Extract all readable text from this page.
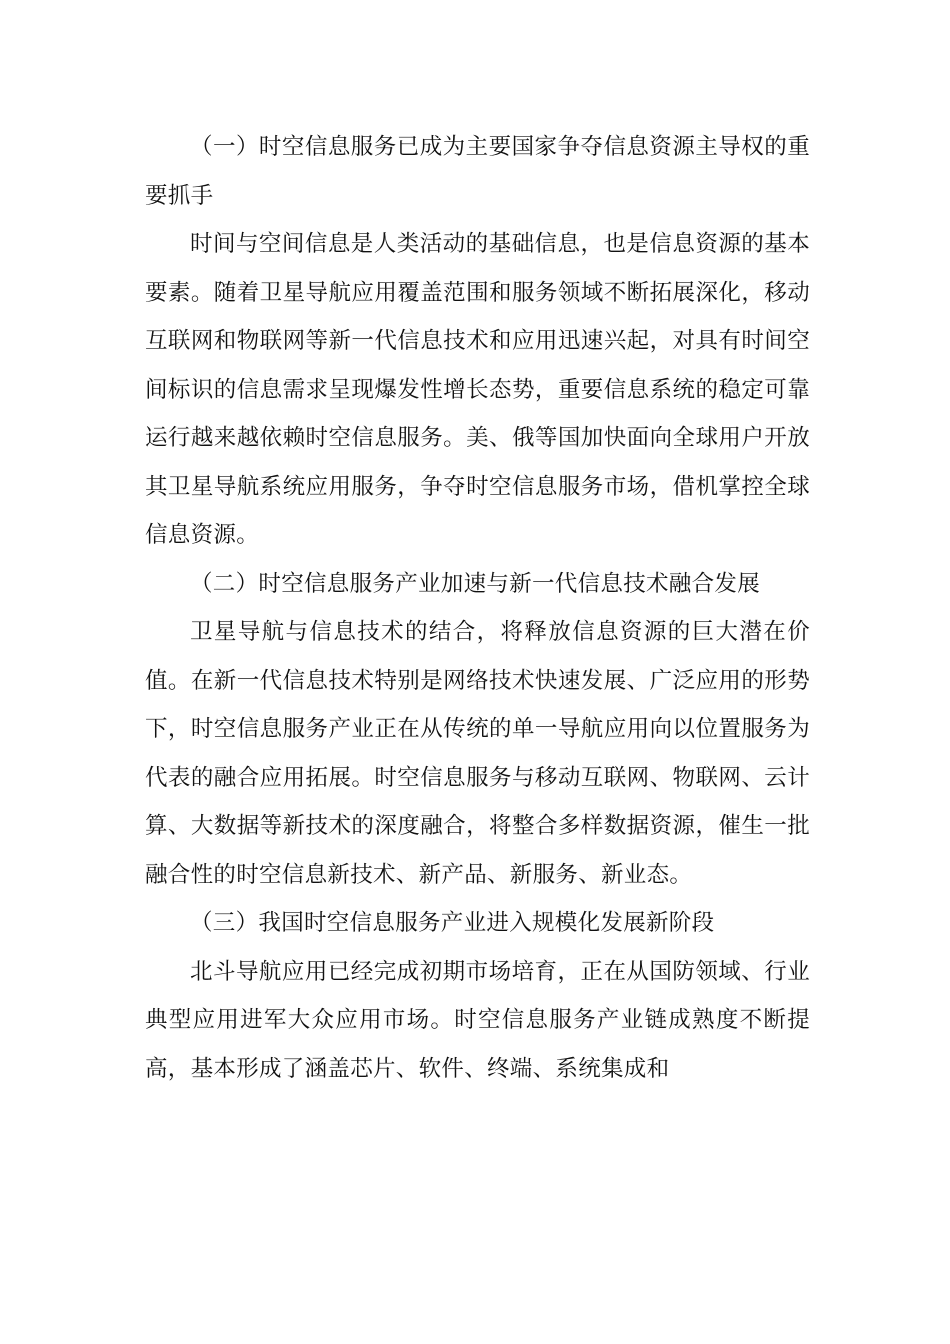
（一）时空信息服务已成为主要国家争夺信息资源主导权的重要抓手

时间与空间信息是人类活动的基础信息，也是信息资源的基本要素。随着卫星导航应用覆盖范围和服务领域不断拓展深化，移动互联网和物联网等新一代信息技术和应用迅速兴起，对具有时间空间标识的信息需求呈现爆发性增长态势，重要信息系统的稳定可靠运行越来越依赖时空信息服务。美、俄等国加快面向全球用户开放其卫星导航系统应用服务，争夺时空信息服务市场，借机掌控全球信息资源。

（二）时空信息服务产业加速与新一代信息技术融合发展

卫星导航与信息技术的结合，将释放信息资源的巨大潜在价值。在新一代信息技术特别是网络技术快速发展、广泛应用的形势下，时空信息服务产业正在从传统的单一导航应用向以位置服务为代表的融合应用拓展。时空信息服务与移动互联网、物联网、云计算、大数据等新技术的深度融合，将整合多样数据资源，催生一批融合性的时空信息新技术、新产品、新服务、新业态。

（三）我国时空信息服务产业进入规模化发展新阶段

北斗导航应用已经完成初期市场培育，正在从国防领域、行业典型应用进军大众应用市场。时空信息服务产业链成熟度不断提高，基本形成了涵盖芯片、软件、终端、系统集成和
